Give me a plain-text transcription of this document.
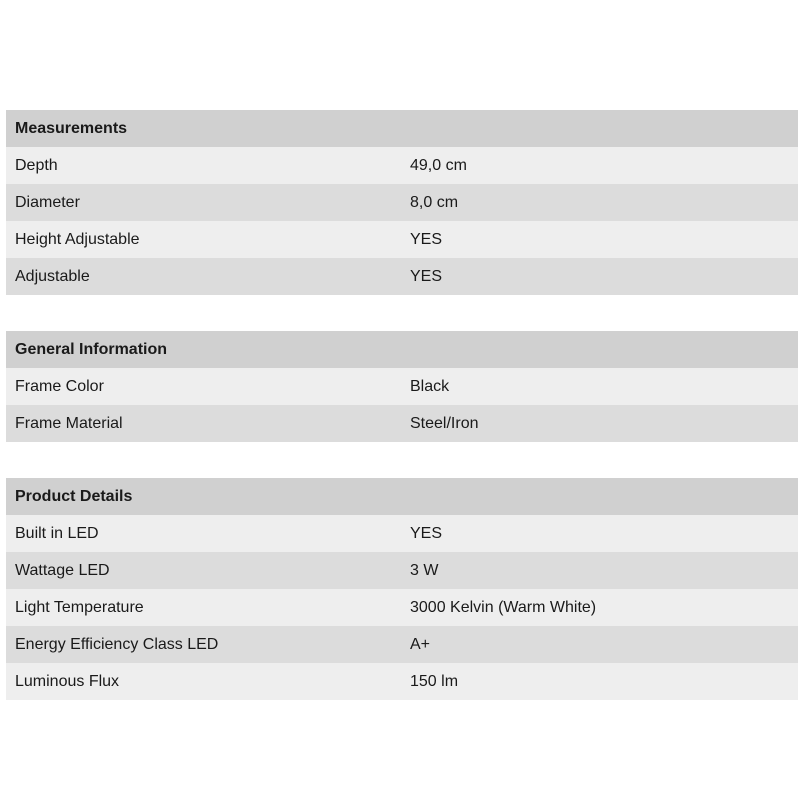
Measurements	
Depth	49,0 cm
Diameter	8,0 cm
Height Adjustable	YES
Adjustable	YES
General Information	
Frame Color	Black
Frame Material	Steel/Iron
Product Details	
Built in LED	YES
Wattage LED	3 W
Light Temperature	3000 Kelvin (Warm White)
Energy Efficiency Class LED	A+
Luminous Flux	150 lm
